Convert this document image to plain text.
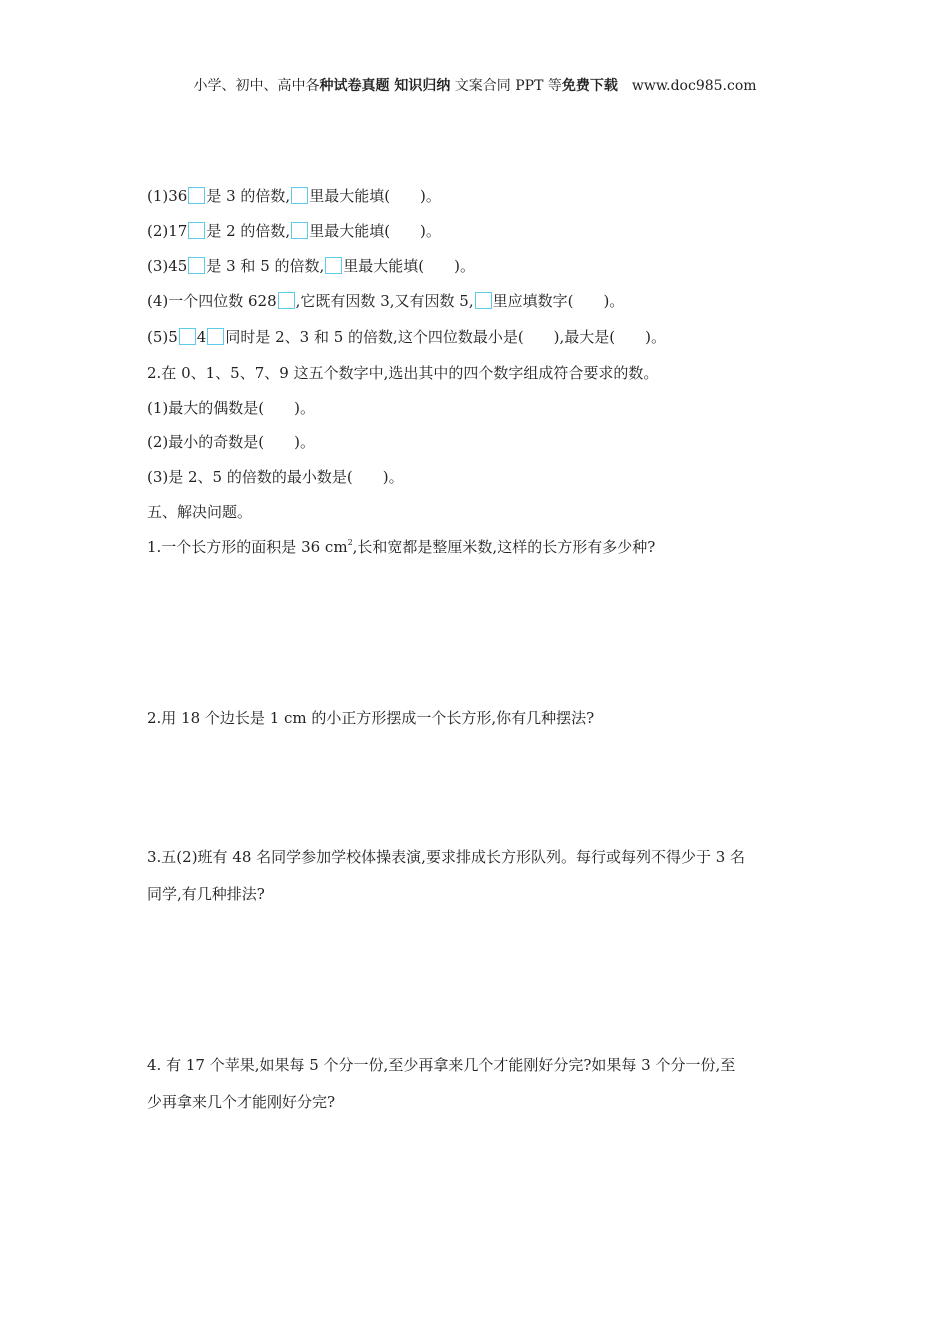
小学、初中、高中各种试卷真题 知识归纳 文案合同 PPT 等免费下载 www.doc985.com
(1)36 是 3 的倍数, 里最大能填(　　)。
(2)17 是 2 的倍数, 里最大能填(　　)。
(3)45 是 3 和 5 的倍数, 里最大能填(　　)。
(4)一个四位数 628 ,它既有因数 3,又有因数 5, 里应填数字(　　)。
(5)5 4 同时是 2、3 和 5 的倍数,这个四位数最小是(　　),最大是(　　)。
2.在 0、1、5、7、9 这五个数字中,选出其中的四个数字组成符合要求的数。
(1)最大的偶数是(　　)。
(2)最小的奇数是(　　)。
(3)是 2、5 的倍数的最小数是(　　)。
五、解决问题。
1.一个长方形的面积是 36 $cm^2$,长和宽都是整厘米数,这样的长方形有多少种?
2.用 18 个边长是 1 cm 的小正方形摆成一个长方形,你有几种摆法?
3.五(2)班有 48 名同学参加学校体操表演,要求排成长方形队列。每行或每列不得少于 3 名
同学,有几种排法?
4. 有 17 个苹果,如果每 5 个分一份,至少再拿来几个才能刚好分完?如果每 3 个分一份,至
少再拿来几个才能刚好分完?
